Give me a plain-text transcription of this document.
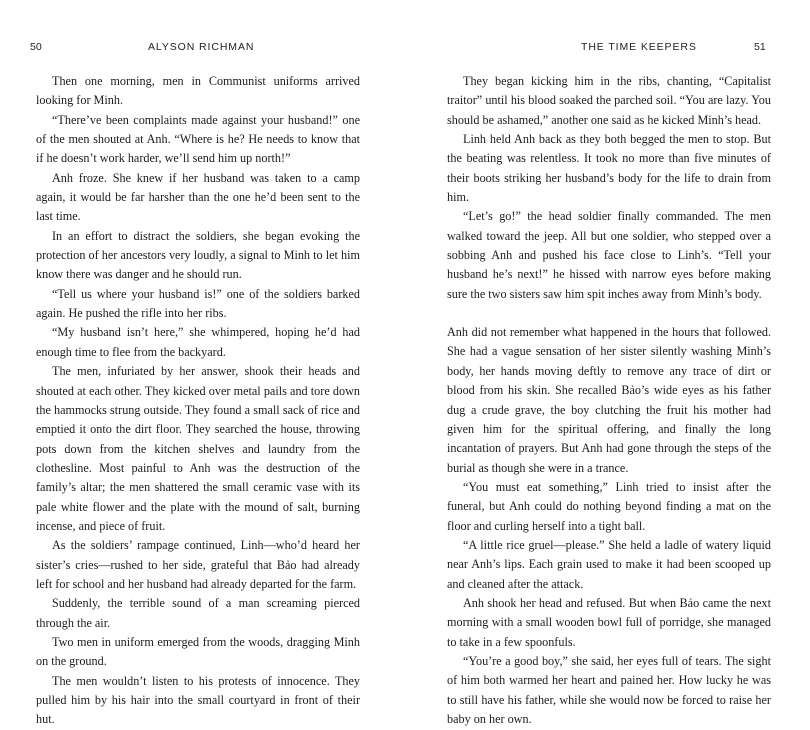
50	ALYSON RICHMAN

Then one morning, men in Communist uniforms arrived looking for Minh.

“There’ve been complaints made against your husband!” one of the men shouted at Anh. “Where is he? He needs to know that if he doesn’t work harder, we’ll send him up north!”

Anh froze. She knew if her husband was taken to a camp again, it would be far harsher than the one he’d been sent to the last time.

In an effort to distract the soldiers, she began evoking the protection of her ancestors very loudly, a signal to Minh to let him know there was danger and he should run.

“Tell us where your husband is!” one of the soldiers barked again. He pushed the rifle into her ribs.

“My husband isn’t here,” she whimpered, hoping he’d had enough time to flee from the backyard.

The men, infuriated by her answer, shook their heads and shouted at each other. They kicked over metal pails and tore down the hammocks strung outside. They found a small sack of rice and emptied it onto the dirt floor. They searched the house, throwing pots down from the kitchen shelves and laundry from the clothesline. Most painful to Anh was the destruction of the family’s altar; the men shattered the small ceramic vase with its pale white flower and the plate with the mound of salt, burning incense, and piece of fruit.

As the soldiers’ rampage continued, Linh—who’d heard her sister’s cries—rushed to her side, grateful that Bảo had already left for school and her husband had already departed for the farm.

Suddenly, the terrible sound of a man screaming pierced through the air.

Two men in uniform emerged from the woods, dragging Minh on the ground.

The men wouldn’t listen to his protests of innocence. They pulled him by his hair into the small courtyard in front of their hut.

THE TIME KEEPERS	51

They began kicking him in the ribs, chanting, “Capitalist traitor” until his blood soaked the parched soil. “You are lazy. You should be ashamed,” another one said as he kicked Minh’s head.

Linh held Anh back as they both begged the men to stop. But the beating was relentless. It took no more than five minutes of their boots striking her husband’s body for the life to drain from him.

“Let’s go!” the head soldier finally commanded. The men walked toward the jeep. All but one soldier, who stepped over a sobbing Anh and pushed his face close to Linh’s. “Tell your husband he’s next!” he hissed with narrow eyes before making sure the two sisters saw him spit inches away from Minh’s body.

Anh did not remember what happened in the hours that followed. She had a vague sensation of her sister silently washing Minh’s body, her hands moving deftly to remove any trace of dirt or blood from his skin. She recalled Bảo’s wide eyes as his father dug a crude grave, the boy clutching the fruit his mother had given him for the spiritual offering, and finally the long incantation of prayers. But Anh had gone through the steps of the burial as though she were in a trance.

“You must eat something,” Linh tried to insist after the funeral, but Anh could do nothing beyond finding a mat on the floor and curling herself into a tight ball.

“A little rice gruel—please.” She held a ladle of watery liquid near Anh’s lips. Each grain used to make it had been scooped up and cleaned after the attack.

Anh shook her head and refused. But when Bảo came the next morning with a small wooden bowl full of porridge, she managed to take in a few spoonfuls.

“You’re a good boy,” she said, her eyes full of tears. The sight of him both warmed her heart and pained her. How lucky he was to still have his father, while she would now be forced to raise her baby on her own.
